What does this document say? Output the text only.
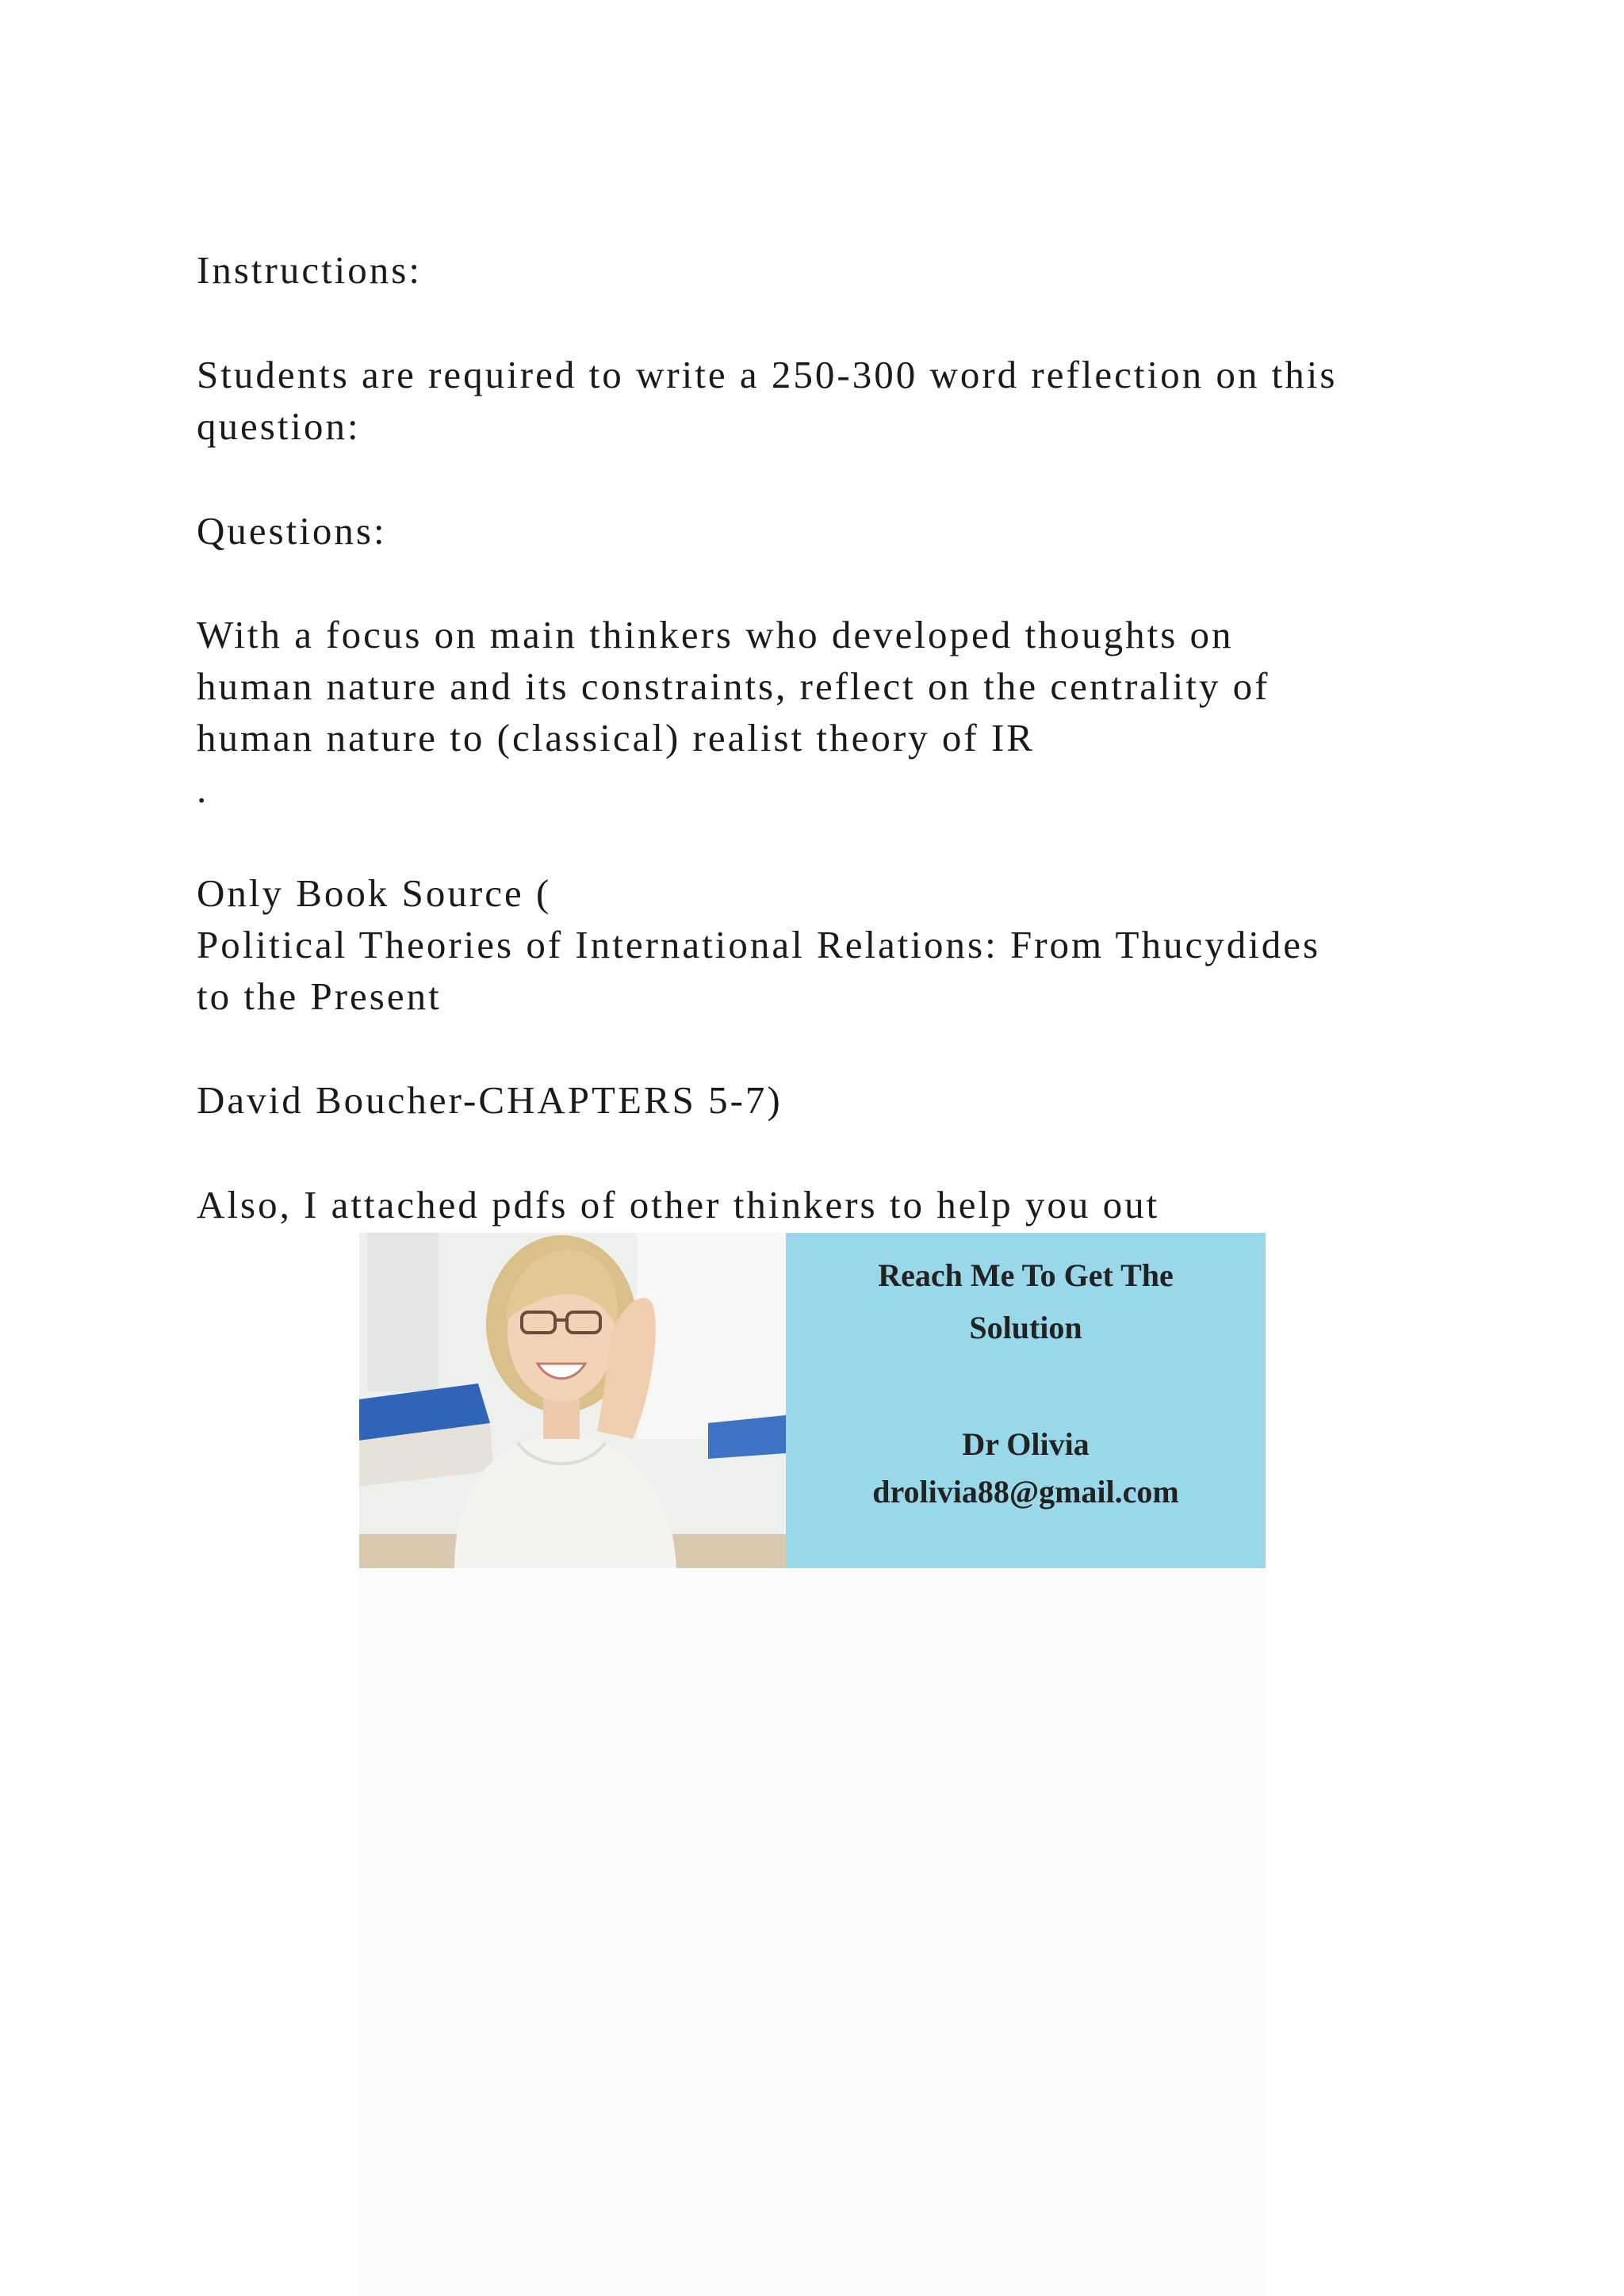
Instructions:
Students are required to write a 250-300 word reflection on this
question:
Questions:
With a focus on main thinkers who developed thoughts on
human nature and its constraints, reflect on the centrality of
human nature to (classical) realist theory of IR
.
Only Book Source (
Political Theories of International Relations: From Thucydides
to the Present
David Boucher-CHAPTERS 5-7)
Also, I attached pdfs of other thinkers to help you out
Reach Me To Get The
Solution
Dr Olivia
drolivia88@gmail.com
